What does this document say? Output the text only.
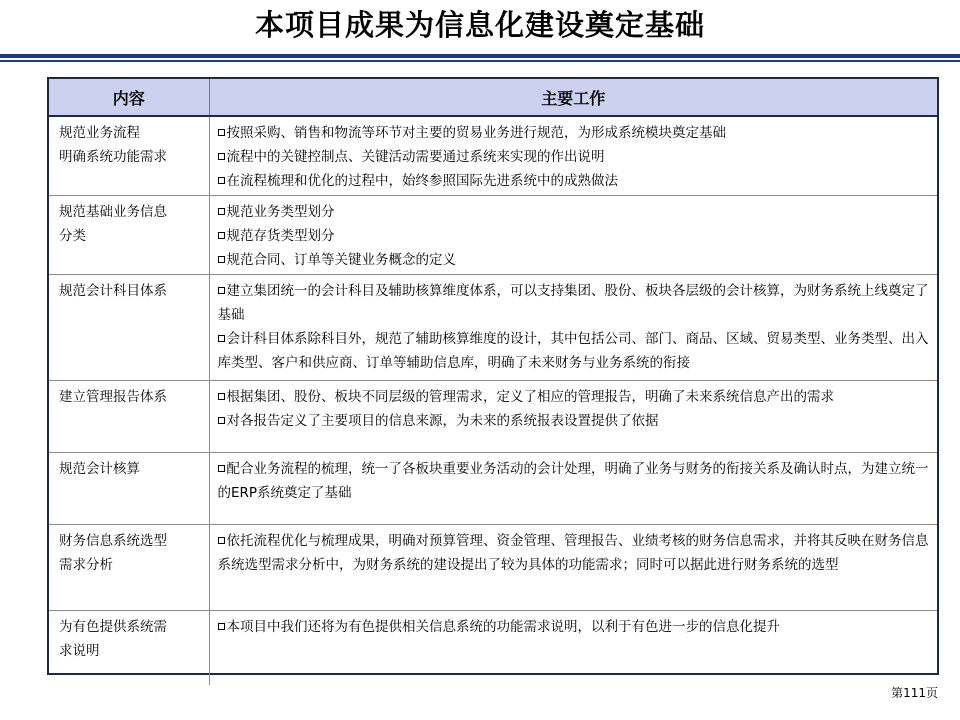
本项目成果为信息化建设奠定基础
内容	主要工作

规范业务流程
明确系统功能需求	按照采购、销售和物流等环节对主要的贸易业务进行规范，为形成系统模块奠定基础
流程中的关键控制点、关键活动需要通过系统来实现的作出说明
在流程梳理和优化的过程中，始终参照国际先进系统中的成熟做法

规范基础业务信息
分类	规范业务类型划分
规范存货类型划分
规范合同、订单等关键业务概念的定义

规范会计科目体系	建立集团统一的会计科目及辅助核算维度体系，可以支持集团、股份、板块各层级的会计核算，为财务系统上线奠定了基础
会计科目体系除科目外，规范了辅助核算维度的设计，其中包括公司、部门、商品、区域、贸易类型、业务类型、出入库类型、客户和供应商、订单等辅助信息库，明确了未来财务与业务系统的衔接

建立管理报告体系	根据集团、股份、板块不同层级的管理需求，定义了相应的管理报告，明确了未来系统信息产出的需求
对各报告定义了主要项目的信息来源，为未来的系统报表设置提供了依据

规范会计核算	配合业务流程的梳理，统一了各板块重要业务活动的会计处理，明确了业务与财务的衔接关系及确认时点，为建立统一的ERP系统奠定了基础

财务信息系统选型
需求分析	依托流程优化与梳理成果，明确对预算管理、资金管理、管理报告、业绩考核的财务信息需求，并将其反映在财务信息系统选型需求分析中，为财务系统的建设提出了较为具体的功能需求；同时可以据此进行财务系统的选型

为有色提供系统需
求说明	本项目中我们还将为有色提供相关信息系统的功能需求说明，以利于有色进一步的信息化提升
第111页
